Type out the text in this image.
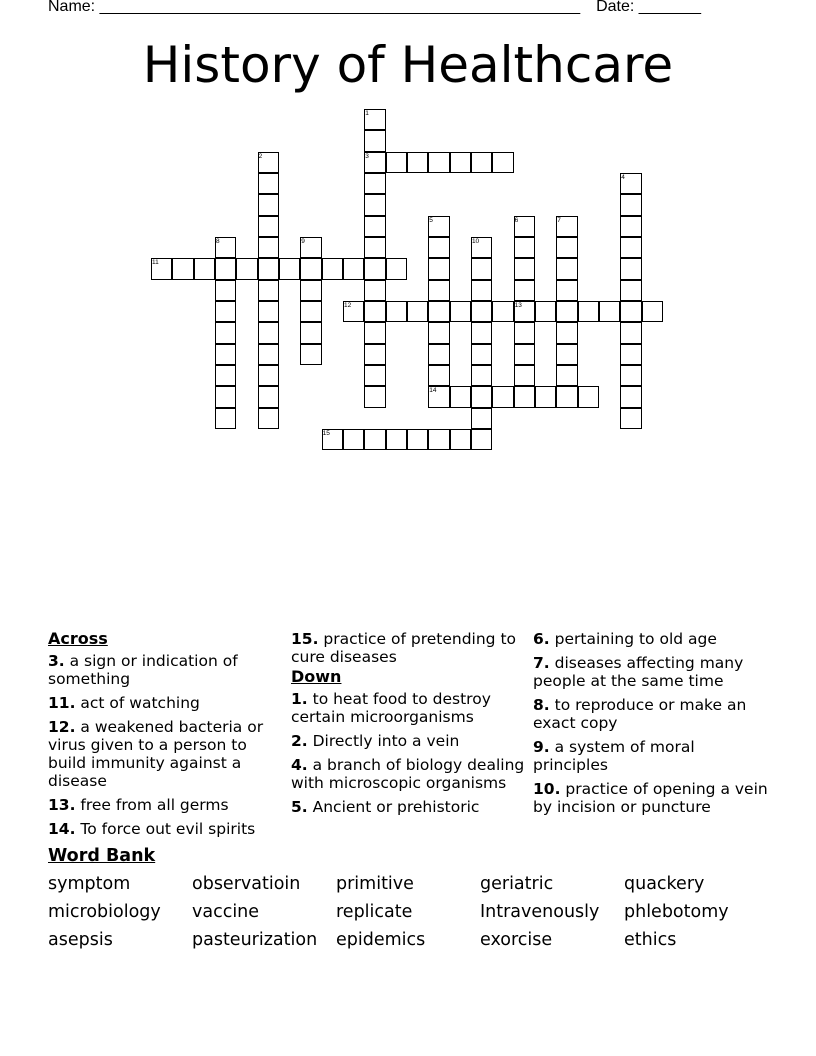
Name: ______________________________________________________ Date: _______
History of Healthcare
1
3
2
4
5
14
6
13
7
8	9	10
11
12
15
Across
3. a sign or indication of something
11. act of watching
12. a weakened bacteria or virus given to a person to build immunity against a disease
13. free from all germs
14. To force out evil spirits
15. practice of pretending to cure diseases
Down
1. to heat food to destroy certain microorganisms
2. Directly into a vein
4. a branch of biology dealing with microscopic organisms
5. Ancient or prehistoric
6. pertaining to old age
7. diseases affecting many people at the same time
8. to reproduce or make an exact copy
9. a system of moral principles
10. practice of opening a vein by incision or puncture
Word Bank
symptom	observatioin	primitive	geriatric	quackery
microbiology	vaccine	replicate	Intravenously	phlebotomy
asepsis	pasteurization	epidemics	exorcise	ethics
